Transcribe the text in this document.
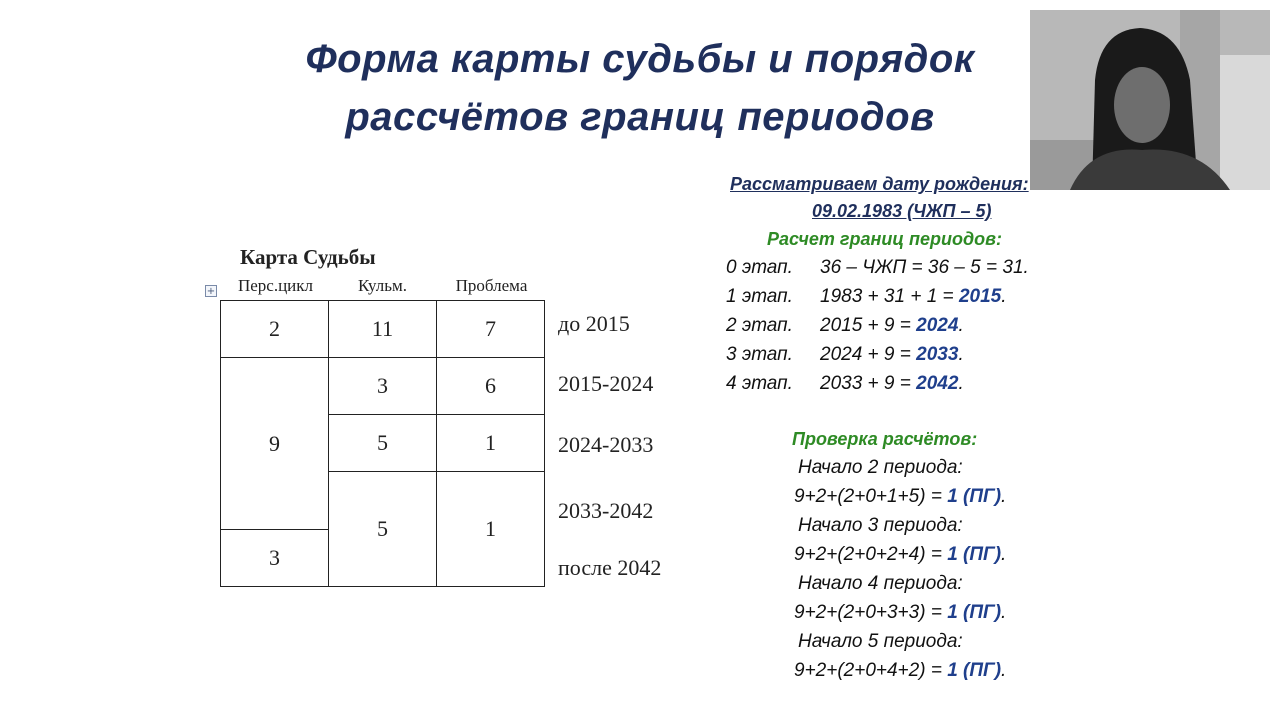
Форма карты судьбы и порядок
рассчётов границ периодов
Карта Судьбы
+	Перс.цикл	Кульм.	Проблема
2	11	7
9	3	6
	5	1
	5	1
3		
до 2015
2015-2024
2024-2033
2033-2042
после 2042
Рассматриваем дату рождения:
09.02.1983 (ЧЖП – 5)
Расчет границ периодов:
0 этап. 36 – ЧЖП = 36 – 5 = 31.
1 этап. 1983 + 31 + 1 = 2015.
2 этап. 2015 + 9 = 2024.
3 этап. 2024 + 9 = 2033.
4 этап. 2033 + 9 = 2042.
Проверка расчётов:
Начало 2 периода:
9+2+(2+0+1+5) = 1 (ПГ).
Начало 3 периода:
9+2+(2+0+2+4) = 1 (ПГ).
Начало 4 периода:
9+2+(2+0+3+3) = 1 (ПГ).
Начало 5 периода:
9+2+(2+0+4+2) = 1 (ПГ).
